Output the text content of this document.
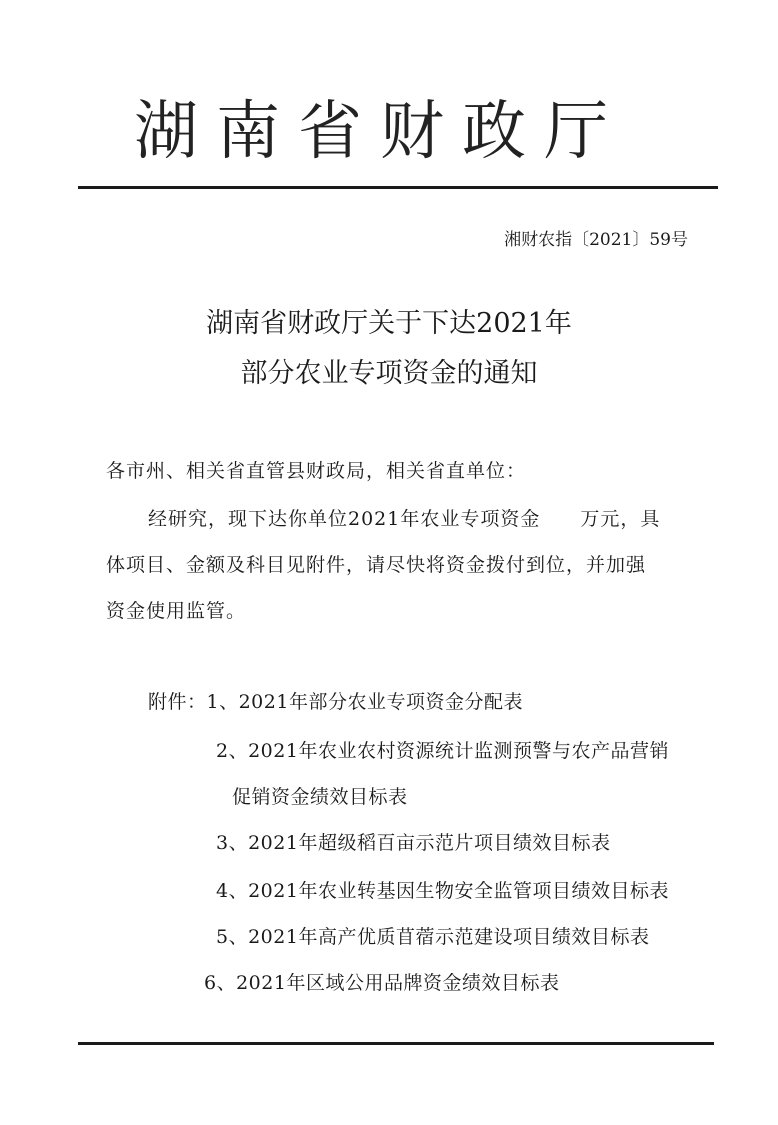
湖南省财政厅
湘财农指〔2021〕59号
湖南省财政厅关于下达2021年
部分农业专项资金的通知
各市州、相关省直管县财政局，相关省直单位：
经研究，现下达你单位2021年农业专项资金　　万元，具
体项目、金额及科目见附件，请尽快将资金拨付到位，并加强
资金使用监管。
附件：1、2021年部分农业专项资金分配表
2、2021年农业农村资源统计监测预警与农产品营销
促销资金绩效目标表
3、2021年超级稻百亩示范片项目绩效目标表
4、2021年农业转基因生物安全监管项目绩效目标表
5、2021年高产优质苜蓿示范建设项目绩效目标表
6、2021年区域公用品牌资金绩效目标表
